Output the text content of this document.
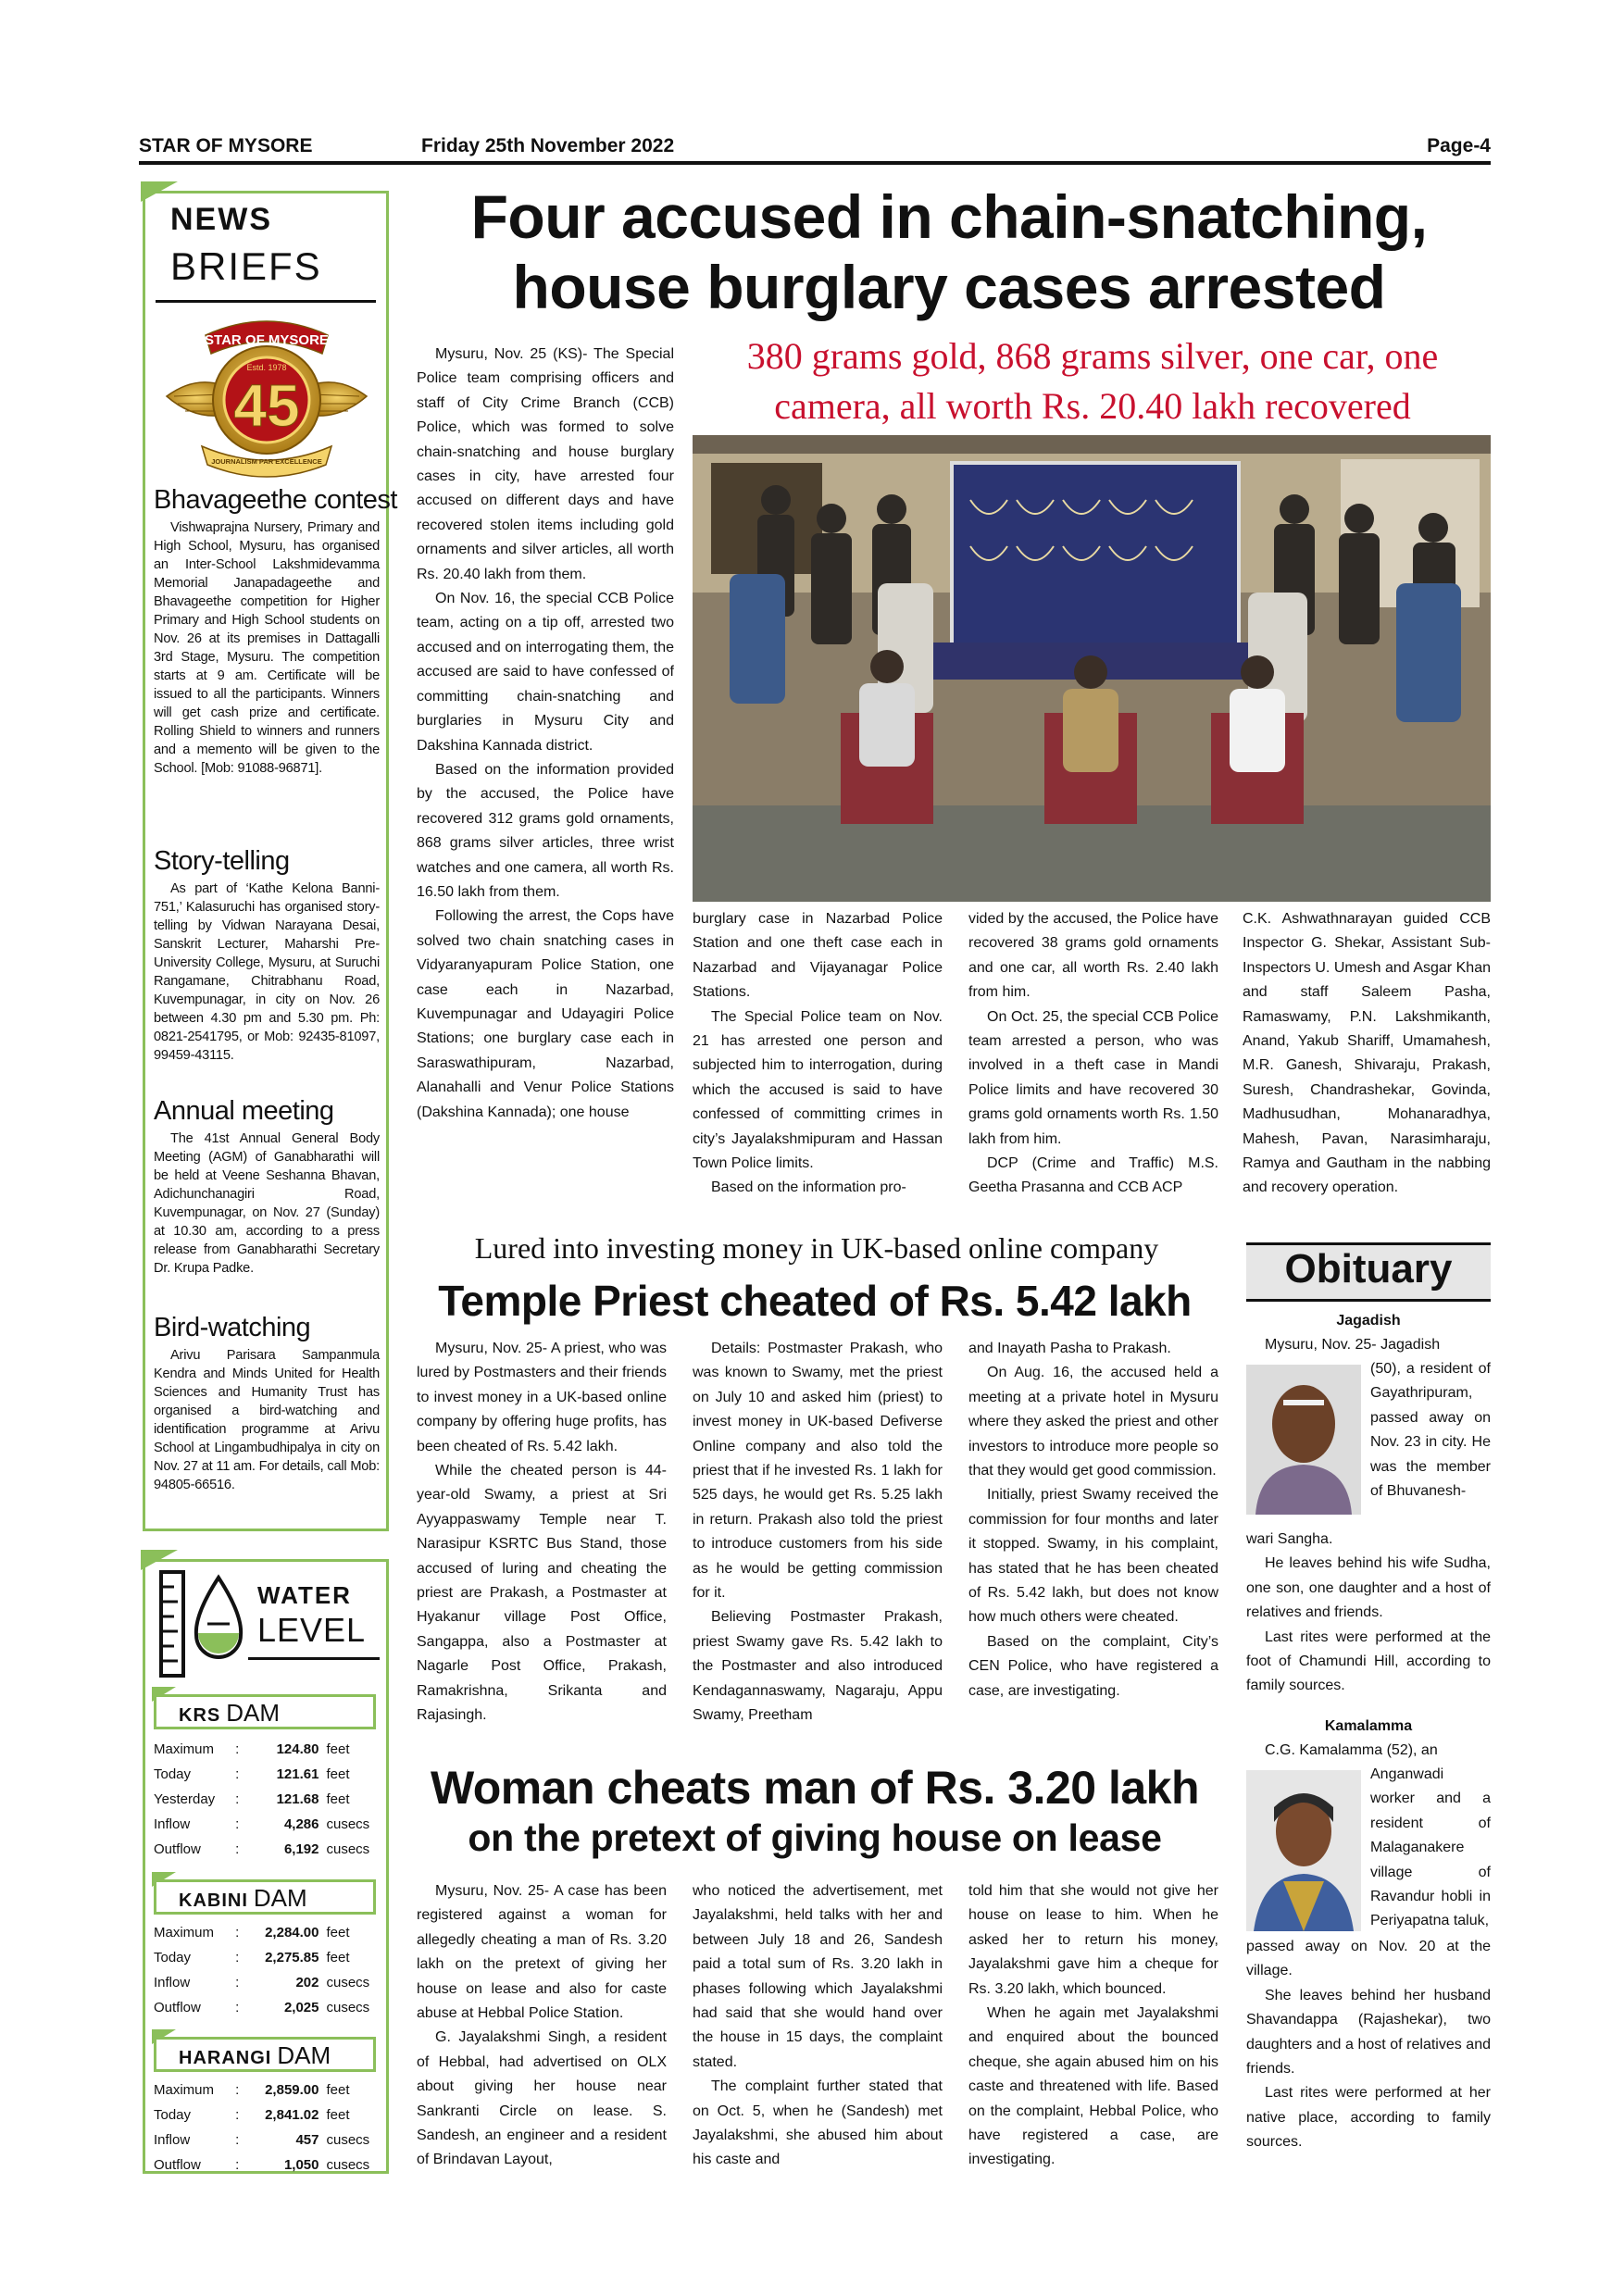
STAR OF MYSORE	Friday 25th November 2022	Page-4
NEWS
BRIEFS
STAR OF MYSORE
Estd. 1978
45
JOURNALISM PAR EXCELLENCE
Bhavageethe contest
Vishwaprajna Nursery, Primary and High School, Mysuru, has organised an Inter-School Lakshmidevamma Memorial Janapadageethe and Bhavageethe competition for Higher Primary and High School students on Nov. 26 at its premises in Dattagalli 3rd Stage, Mysuru. The competition starts at 9 am. Certificate will be issued to all the participants. Winners will get cash prize and certificate. Rolling Shield to winners and runners and a memento will be given to the School. [Mob: 91088-96871].
Story-telling
As part of ‘Kathe Kelona Banni-751,’ Kalasuruchi has organised story-telling by Vidwan Narayana Desai, Sanskrit Lecturer, Maharshi Pre-University College, Mysuru, at Suruchi Rangamane, Chitrabhanu Road, Kuvempunagar, in city on Nov. 26 between 4.30 pm and 5.30 pm. Ph: 0821-2541795, or Mob: 92435-81097, 99459-43115.
Annual meeting
The 41st Annual General Body Meeting (AGM) of Ganabharathi will be held at Veene Seshanna Bhavan, Adichunchanagiri Road, Kuvempunagar, on Nov. 27 (Sunday) at 10.30 am, according to a press release from Ganabharathi Secretary Dr. Krupa Padke.
Bird-watching
Arivu Parisara Sampanmula Kendra and Minds United for Health Sciences and Humanity Trust has organised a bird-watching and identification programme at Arivu School at Lingambudhipalya in city on Nov. 27 at 11 am. For details, call Mob: 94805-66516.
WATER
LEVEL
KRS DAM
Maximum	:	124.80	feet
Today	:	121.61	feet
Yesterday	:	121.68	feet
Inflow	:	4,286	cusecs
Outflow	:	6,192	cusecs
KABINI DAM
Maximum	:	2,284.00	feet
Today	:	2,275.85	feet
Inflow	:	202	cusecs
Outflow	:	2,025	cusecs
HARANGI DAM
Maximum	:	2,859.00	feet
Today	:	2,841.02	feet
Inflow	:	457	cusecs
Outflow	:	1,050	cusecs
Four accused in chain-snatching, house burglary cases arrested
380 grams gold, 868 grams silver, one car, one camera, all worth Rs. 20.40 lakh recovered

Mysuru, Nov. 25 (KS)- The Special Police team comprising officers and staff of City Crime Branch (CCB) Police, which was formed to solve chain-snatching and house burglary cases in city, have arrested four accused on different days and have recovered stolen items including gold ornaments and silver articles, all worth Rs. 20.40 lakh from them.

On Nov. 16, the special CCB Police team, acting on a tip off, arrested two accused and on interrogating them, the accused are said to have confessed of committing chain-snatching and burglaries in Mysuru City and Dakshina Kannada district.

Based on the information provided by the accused, the Police have recovered 312 grams gold ornaments, 868 grams silver articles, three wrist watches and one camera, all worth Rs. 16.50 lakh from them.

Following the arrest, the Cops have solved two chain snatching cases in Vidyaranyapuram Police Station, one case each in Nazarbad, Kuvempunagar and Udayagiri Police Stations; one burglary case each in Saraswathipuram, Nazarbad, Alanahalli and Venur Police Stations (Dakshina Kannada); one house

burglary case in Nazarbad Police Station and one theft case each in Nazarbad and Vijayanagar Police Stations.

The Special Police team on Nov. 21 has arrested one person and subjected him to interrogation, during which the accused is said to have confessed of committing crimes in city’s Jayalakshmipuram and Hassan Town Police limits.

Based on the information pro-

vided by the accused, the Police have recovered 38 grams gold ornaments and one car, all worth Rs. 2.40 lakh from him.

On Oct. 25, the special CCB Police team arrested a person, who was involved in a theft case in Mandi Police limits and have recovered 30 grams gold ornaments worth Rs. 1.50 lakh from him.

DCP (Crime and Traffic) M.S. Geetha Prasanna and CCB ACP

C.K. Ashwathnarayan guided CCB Inspector G. Shekar, Assistant Sub-Inspectors U. Umesh and Asgar Khan and staff Saleem Pasha, Ramaswamy, P.N. Lakshmikanth, Anand, Yakub Shariff, Umamahesh, M.R. Ganesh, Shivaraju, Prakash, Suresh, Chandrashekar, Govinda, Madhusudhan, Mohanaradhya, Mahesh, Pavan, Narasimharaju, Ramya and Gautham in the nabbing and recovery operation.

Lured into investing money in UK-based online company
Temple Priest cheated of Rs. 5.42 lakh

Mysuru, Nov. 25- A priest, who was lured by Postmasters and their friends to invest money in a UK-based online company by offering huge profits, has been cheated of Rs. 5.42 lakh.

While the cheated person is 44-year-old Swamy, a priest at Sri Ayyappaswamy Temple near T. Narasipur KSRTC Bus Stand, those accused of luring and cheating the priest are Prakash, a Postmaster at Hyakanur village Post Office, Sangappa, also a Postmaster at Nagarle Post Office, Prakash, Ramakrishna, Srikanta and Rajasingh.

Details: Postmaster Prakash, who was known to Swamy, met the priest on July 10 and asked him (priest) to invest money in UK-based Defiverse Online company and also told the priest that if he invested Rs. 1 lakh for 525 days, he would get Rs. 5.25 lakh in return. Prakash also told the priest to introduce customers from his side as he would be getting commission for it.

Believing Postmaster Prakash, priest Swamy gave Rs. 5.42 lakh to the Postmaster and also introduced Kendagannaswamy, Nagaraju, Appu Swamy, Preetham

and Inayath Pasha to Prakash.

On Aug. 16, the accused held a meeting at a private hotel in Mysuru where they asked the priest and other investors to introduce more people so that they would get good commission.

Initially, priest Swamy received the commission for four months and later it stopped. Swamy, in his complaint, has stated that he has been cheated of Rs. 5.42 lakh, but does not know how much others were cheated.

Based on the complaint, City’s CEN Police, who have registered a case, are investigating.

Obituary
Jagadish

Mysuru, Nov. 25- Jagadish

(50), a resident of Gayathripuram, passed away on Nov. 23 in city. He was the member of Bhuvanesh-

wari Sangha.

He leaves behind his wife Sudha, one son, one daughter and a host of relatives and friends.

Last rites were performed at the foot of Chamundi Hill, according to family sources.

Kamalamma

C.G. Kamalamma (52), an

Anganwadi worker and a resident of Malaganakere village of Ravandur hobli in Periyapatna taluk,

passed away on Nov. 20 at the village.

She leaves behind her husband Shavandappa (Rajashekar), two daughters and a host of relatives and friends.

Last rites were performed at her native place, according to family sources.

Woman cheats man of Rs. 3.20 lakh
on the pretext of giving house on lease

Mysuru, Nov. 25- A case has been registered against a woman for allegedly cheating a man of Rs. 3.20 lakh on the pretext of giving her house on lease and also for caste abuse at Hebbal Police Station.

G. Jayalakshmi Singh, a resident of Hebbal, had advertised on OLX about giving her house near Sankranti Circle on lease. S. Sandesh, an engineer and a resident of Brindavan Layout,

who noticed the advertisement, met Jayalakshmi, held talks with her and between July 18 and 26, Sandesh paid a total sum of Rs. 3.20 lakh in phases following which Jayalakshmi had said that she would hand over the house in 15 days, the complaint stated.

The complaint further stated that on Oct. 5, when he (Sandesh) met Jayalakshmi, she abused him about his caste and

told him that she would not give her house on lease to him. When he asked her to return his money, Jayalakshmi gave him a cheque for Rs. 3.20 lakh, which bounced.

When he again met Jayalakshmi and enquired about the bounced cheque, she again abused him on his caste and threatened with life. Based on the complaint, Hebbal Police, who have registered a case, are investigating.
